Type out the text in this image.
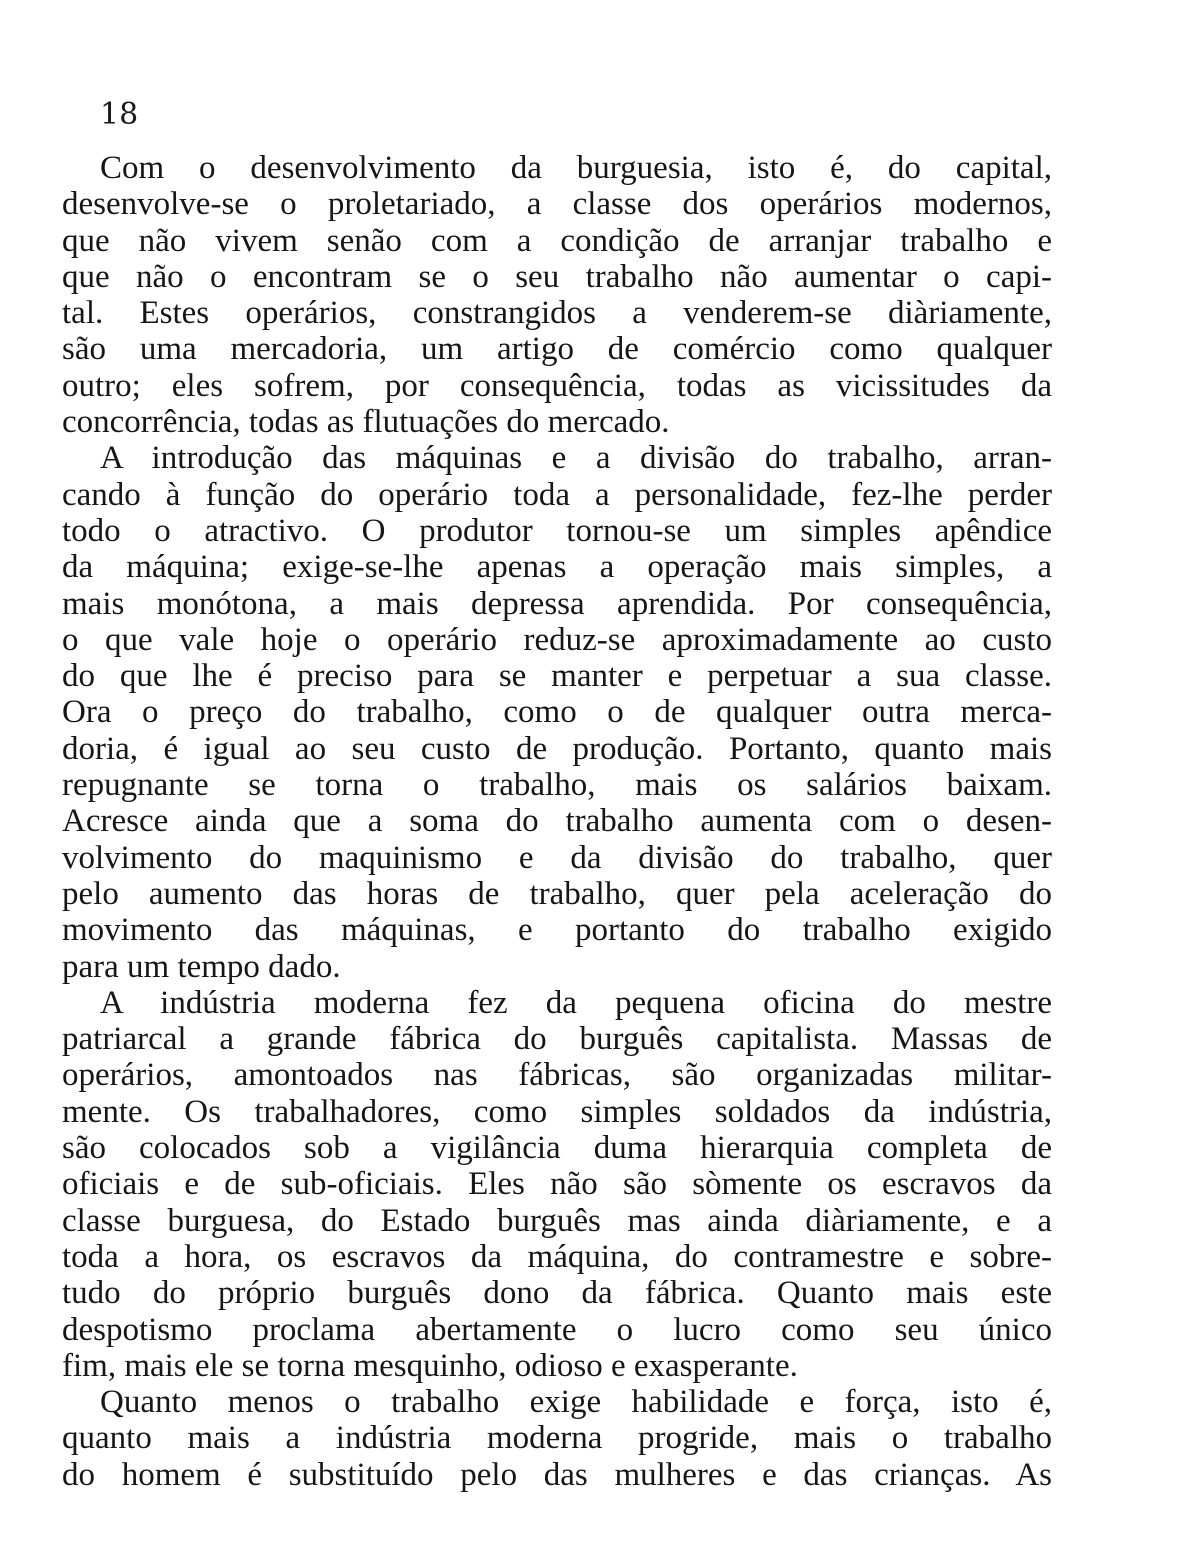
18
Com o desenvolvimento da burguesia, isto é, do capital,
desenvolve-se o proletariado, a classe dos operários modernos,
que não vivem senão com a condição de arranjar trabalho e
que não o encontram se o seu trabalho não aumentar o capi-
tal. Estes operários, constrangidos a venderem-se diàriamente,
são uma mercadoria, um artigo de comércio como qualquer
outro; eles sofrem, por consequência, todas as vicissitudes da
concorrência, todas as flutuações do mercado.
A introdução das máquinas e a divisão do trabalho, arran-
cando à função do operário toda a personalidade, fez-lhe perder
todo o atractivo. O produtor tornou-se um simples apêndice
da máquina; exige-se-lhe apenas a operação mais simples, a
mais monótona, a mais depressa aprendida. Por consequência,
o que vale hoje o operário reduz-se aproximadamente ao custo
do que lhe é preciso para se manter e perpetuar a sua classe.
Ora o preço do trabalho, como o de qualquer outra merca-
doria, é igual ao seu custo de produção. Portanto, quanto mais
repugnante se torna o trabalho, mais os salários baixam.
Acresce ainda que a soma do trabalho aumenta com o desen-
volvimento do maquinismo e da divisão do trabalho, quer
pelo aumento das horas de trabalho, quer pela aceleração do
movimento das máquinas, e portanto do trabalho exigido
para um tempo dado.
A indústria moderna fez da pequena oficina do mestre
patriarcal a grande fábrica do burguês capitalista. Massas de
operários, amontoados nas fábricas, são organizadas militar-
mente. Os trabalhadores, como simples soldados da indústria,
são colocados sob a vigilância duma hierarquia completa de
oficiais e de sub-oficiais. Eles não são sòmente os escravos da
classe burguesa, do Estado burguês mas ainda diàriamente, e a
toda a hora, os escravos da máquina, do contramestre e sobre-
tudo do próprio burguês dono da fábrica. Quanto mais este
despotismo proclama abertamente o lucro como seu único
fim, mais ele se torna mesquinho, odioso e exasperante.
Quanto menos o trabalho exige habilidade e força, isto é,
quanto mais a indústria moderna progride, mais o trabalho
do homem é substituído pelo das mulheres e das crianças. As
